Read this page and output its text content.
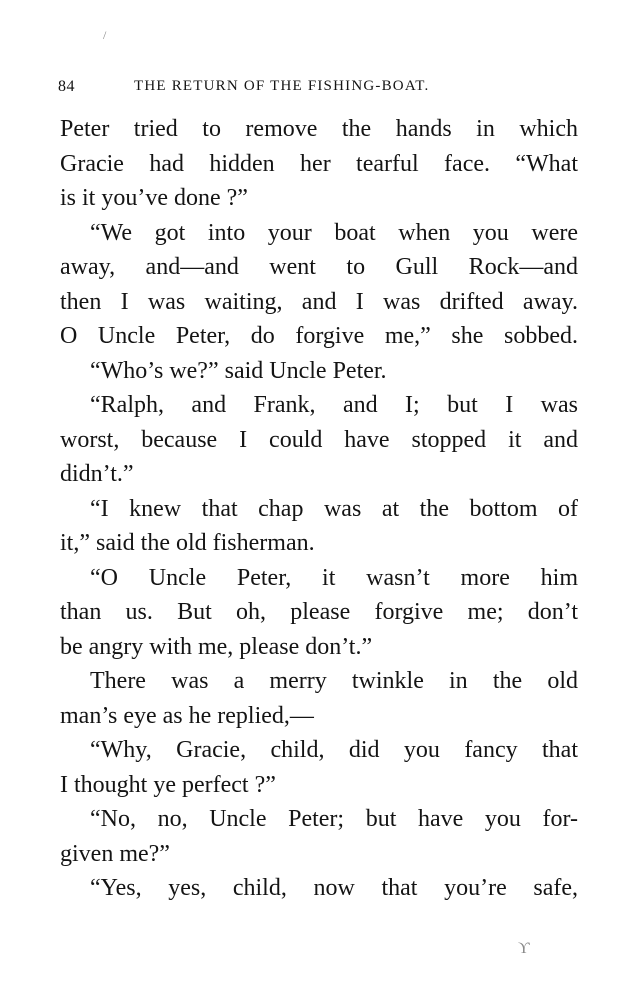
84	THE RETURN OF THE FISHING-BOAT.
Peter tried to remove the hands in which
Gracie had hidden her tearful face. “What
is it you’ve done ?”
“We got into your boat when you were
away, and—and went to Gull Rock—and
then I was waiting, and I was drifted away.
O Uncle Peter, do forgive me,” she sobbed.
“Who’s we?” said Uncle Peter.
“Ralph, and Frank, and I; but I was
worst, because I could have stopped it and
didn’t.”
“I knew that chap was at the bottom of
it,” said the old fisherman.
“O Uncle Peter, it wasn’t more him
than us. But oh, please forgive me; don’t
be angry with me, please don’t.”
There was a merry twinkle in the old
man’s eye as he replied,—
“Why, Gracie, child, did you fancy that
I thought ye perfect ?”
“No, no, Uncle Peter; but have you for-
given me?”
“Yes, yes, child, now that you’re safe,
/
ϒ
